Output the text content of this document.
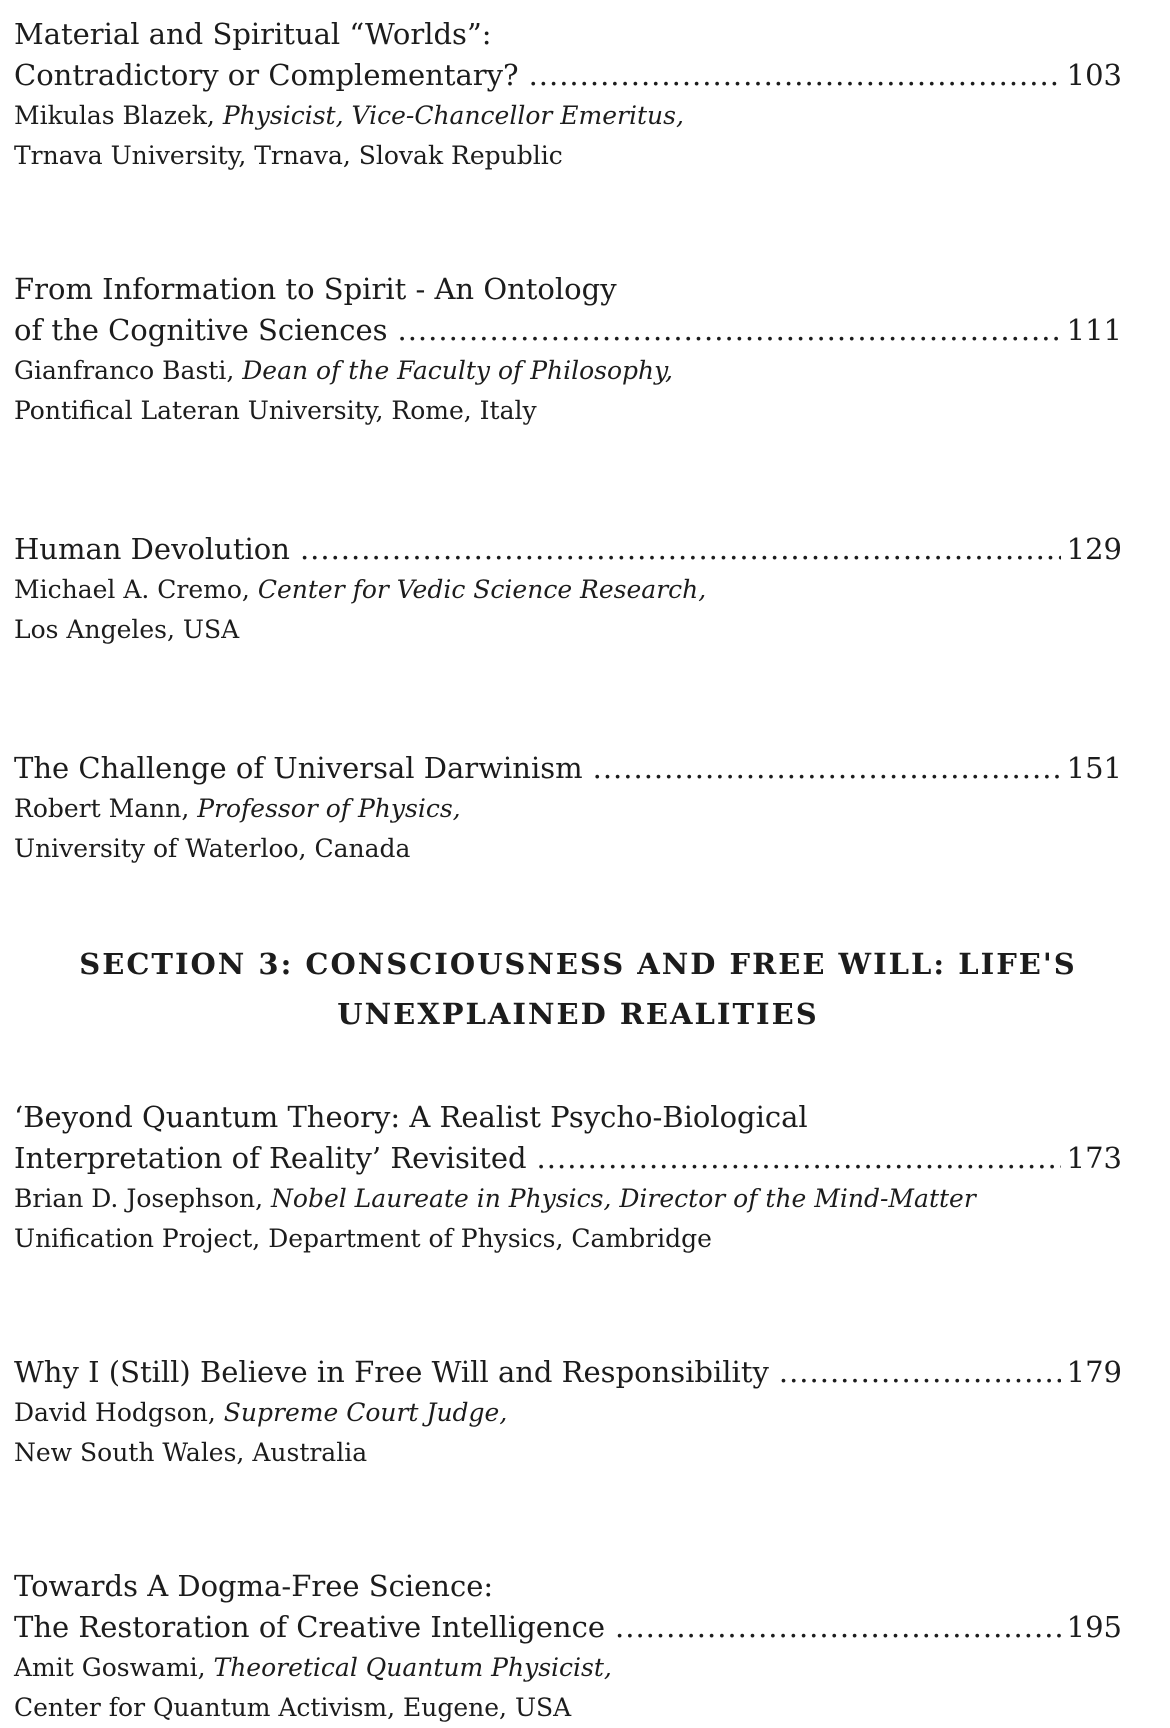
Material and Spiritual “Worlds”:
Contradictory or Complementary? .....	103
Mikulas Blazek, Physicist, Vice-Chancellor Emeritus,
Trnava University, Trnava, Slovak Republic
From Information to Spirit - An Ontology
of the Cognitive Sciences .....	111
Gianfranco Basti, Dean of the Faculty of Philosophy,
Pontifical Lateran University, Rome, Italy
Human Devolution .....	129
Michael A. Cremo, Center for Vedic Science Research,
Los Angeles, USA
The Challenge of Universal Darwinism .....	151
Robert Mann, Professor of Physics,
University of Waterloo, Canada
SECTION 3: CONSCIOUSNESS AND FREE WILL: LIFE'S
UNEXPLAINED REALITIES
‘Beyond Quantum Theory: A Realist Psycho-Biological
Interpretation of Reality’ Revisited .....	173
Brian D. Josephson, Nobel Laureate in Physics, Director of the Mind-Matter
Unification Project, Department of Physics, Cambridge
Why I (Still) Believe in Free Will and Responsibility .....	179
David Hodgson, Supreme Court Judge,
New South Wales, Australia
Towards A Dogma-Free Science:
The Restoration of Creative Intelligence .....	195
Amit Goswami, Theoretical Quantum Physicist,
Center for Quantum Activism, Eugene, USA
